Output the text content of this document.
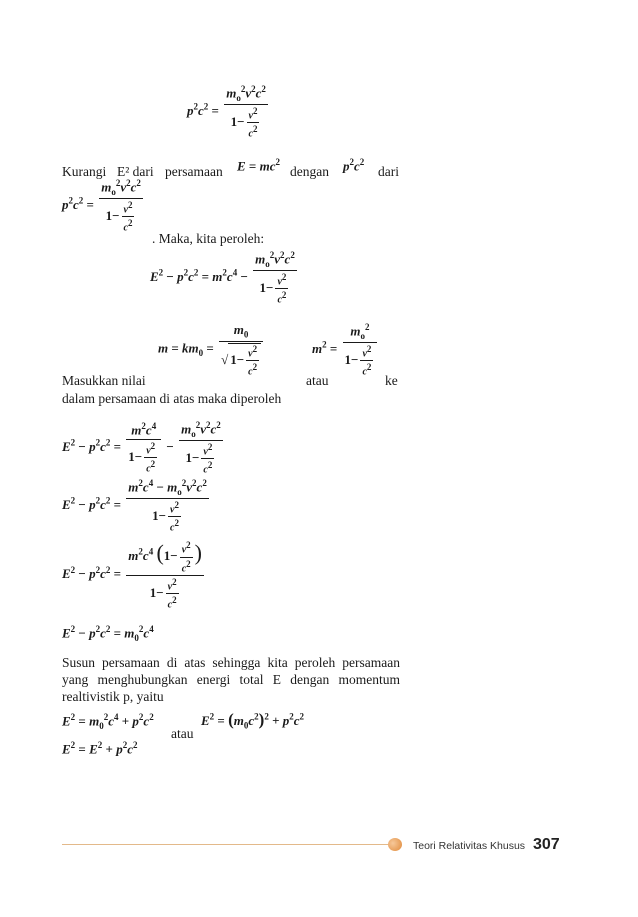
$p^2c^2 = \frac{m_o^2v^2c^2}{1- \frac{v^2}{c^2}}$
Kurangi E² dari persamaan $E = mc^2$
dengan $p^2c^2$
dari
$p^2c^2 = \frac{m_o^2v^2c^2}{1- \frac{v^2}{c^2}}$
. Maka, kita peroleh:
$E^2 - p^2c^2 = m^2c^4 - \frac{m_o^2v^2c^2}{1- \frac{v^2}{c^2}}$
$m = km_0 = \frac{m_0}{√ 1- \frac{v^2}{c^2}}$	$m^2 = \frac{m_o^2}{1- \frac{v^2}{c^2}}$
Masukkan nilai	atau	ke
dalam persamaan di atas maka diperoleh
$E^2 - p^2c^2 = \frac{m^2c^4}{1- \frac{v^2}{c^2}} - \frac{m_o^2v^2c^2}{1- \frac{v^2}{c^2}}$
$E^2 - p^2c^2 = \frac{m^2c^4 - m_o^2v^2c^2}{1- \frac{v^2}{c^2}}$
$E^2 - p^2c^2 = \frac{m^2c^4 (1- \frac{v^2}{c^2} )}{1- \frac{v^2}{c^2}}$
$E^2 - p^2c^2 = m_0^2c^4$
Susun persamaan di atas sehingga kita peroleh persamaan yang menghubungkan energi total E dengan momentum realtivistik p, yaitu
$E^2 = m_0^2c^4 + p^2c^2$
atau
$E^2 = (m_0c^2)^2 + p^2c^2$
$E^2 = E^2 + p^2c^2$
Teori Relativitas Khusus 307
